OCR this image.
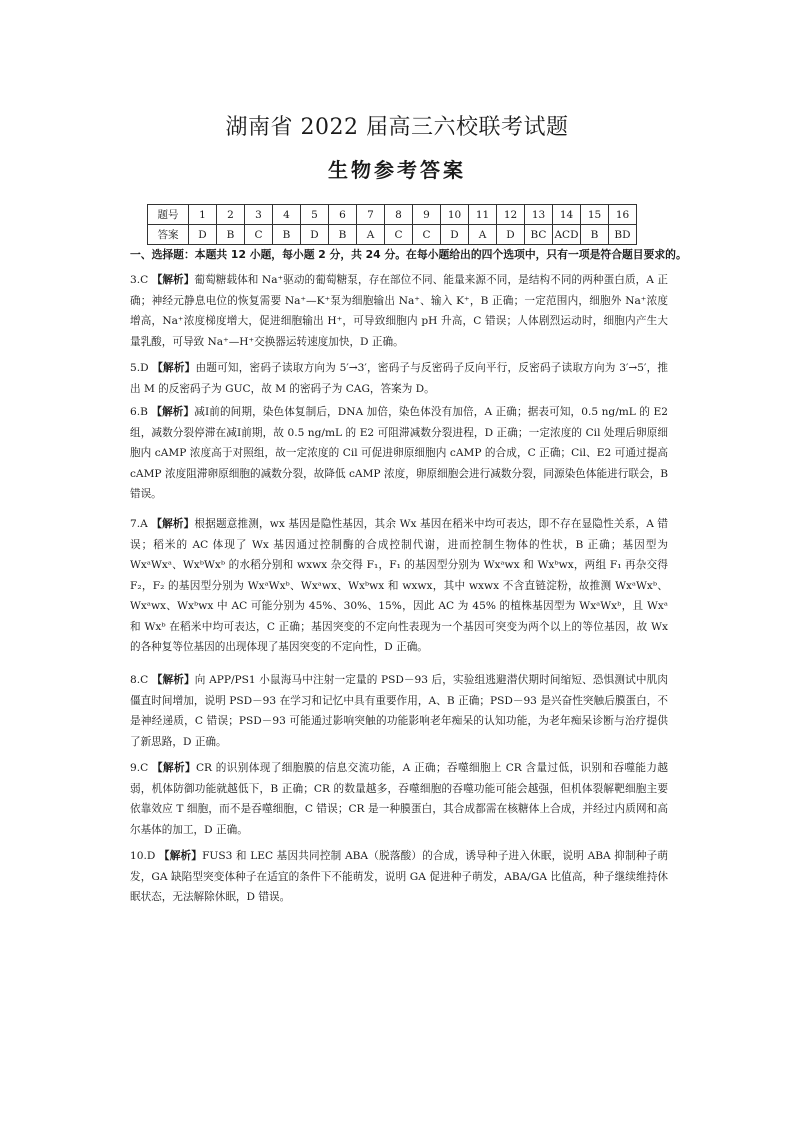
湖南省 2022 届高三六校联考试题
生物参考答案
题号	1	2	3	4	5	6	7	8	9	10	11	12	13	14	15	16
答案	D	B	C	B	D	B	A	C	C	D	A	D	BC	ACD	B	BD
一、选择题：本题共 12 小题，每小题 2 分，共 24 分。在每小题给出的四个选项中，只有一项是符合题目要求的。
3.C 【解析】葡萄糖载体和 Na⁺驱动的葡萄糖泵，存在部位不同、能量来源不同，是结构不同的两种蛋白质，A 正确；神经元静息电位的恢复需要 Na⁺—K⁺泵为细胞输出 Na⁺、输入 K⁺，B 正确；一定范围内，细胞外 Na⁺浓度增高，Na⁺浓度梯度增大，促进细胞输出 H⁺，可导致细胞内 pH 升高，C 错误；人体剧烈运动时，细胞内产生大量乳酸，可导致 Na⁺—H⁺交换器运转速度加快，D 正确。
5.D 【解析】由题可知，密码子读取方向为 5′→3′，密码子与反密码子反向平行，反密码子读取方向为 3′→5′，推出 M 的反密码子为 GUC，故 M 的密码子为 CAG，答案为 D。
6.B 【解析】减Ⅰ前的间期，染色体复制后，DNA 加倍，染色体没有加倍，A 正确；据表可知，0.5 ng/mL 的 E2 组，减数分裂停滞在减Ⅰ前期，故 0.5 ng/mL 的 E2 可阻滞减数分裂进程，D 正确；一定浓度的 Cil 处理后卵原细胞内 cAMP 浓度高于对照组，故一定浓度的 Cil 可促进卵原细胞内 cAMP 的合成，C 正确；Cil、E2 可通过提高 cAMP 浓度阻滞卵原细胞的减数分裂，故降低 cAMP 浓度，卵原细胞会进行减数分裂，同源染色体能进行联会，B 错误。
7.A 【解析】根据题意推测，wx 基因是隐性基因，其余 Wx 基因在稻米中均可表达，即不存在显隐性关系，A 错误；稻米的 AC 体现了 Wx 基因通过控制酶的合成控制代谢，进而控制生物体的性状，B 正确；基因型为 WxᵃWxᵃ、WxᵇWxᵇ 的水稻分别和 wxwx 杂交得 F₁，F₁ 的基因型分别为 Wxᵃwx 和 Wxᵇwx，两组 F₁ 再杂交得 F₂，F₂ 的基因型分别为 WxᵃWxᵇ、Wxᵃwx、Wxᵇwx 和 wxwx，其中 wxwx 不含直链淀粉，故推测 WxᵃWxᵇ、Wxᵃwx、Wxᵇwx 中 AC 可能分别为 45%、30%、15%，因此 AC 为 45% 的植株基因型为 WxᵃWxᵇ，且 Wxᵃ 和 Wxᵇ 在稻米中均可表达，C 正确；基因突变的不定向性表现为一个基因可突变为两个以上的等位基因，故 Wx 的各种复等位基因的出现体现了基因突变的不定向性，D 正确。
8.C 【解析】向 APP/PS1 小鼠海马中注射一定量的 PSD－93 后，实验组逃避潜伏期时间缩短、恐惧测试中肌肉僵直时间增加，说明 PSD－93 在学习和记忆中具有重要作用，A、B 正确；PSD－93 是兴奋性突触后膜蛋白，不是神经递质，C 错误；PSD－93 可能通过影响突触的功能影响老年痴呆的认知功能，为老年痴呆诊断与治疗提供了新思路，D 正确。
9.C 【解析】CR 的识别体现了细胞膜的信息交流功能，A 正确；吞噬细胞上 CR 含量过低，识别和吞噬能力越弱，机体防御功能就越低下，B 正确；CR 的数量越多，吞噬细胞的吞噬功能可能会越强，但机体裂解靶细胞主要依靠效应 T 细胞，而不是吞噬细胞，C 错误；CR 是一种膜蛋白，其合成都需在核糖体上合成，并经过内质网和高尔基体的加工，D 正确。
10.D 【解析】FUS3 和 LEC 基因共同控制 ABA（脱落酸）的合成，诱导种子进入休眠，说明 ABA 抑制种子萌发，GA 缺陷型突变体种子在适宜的条件下不能萌发，说明 GA 促进种子萌发，ABA/GA 比值高，种子继续维持休眠状态，无法解除休眠，D 错误。
